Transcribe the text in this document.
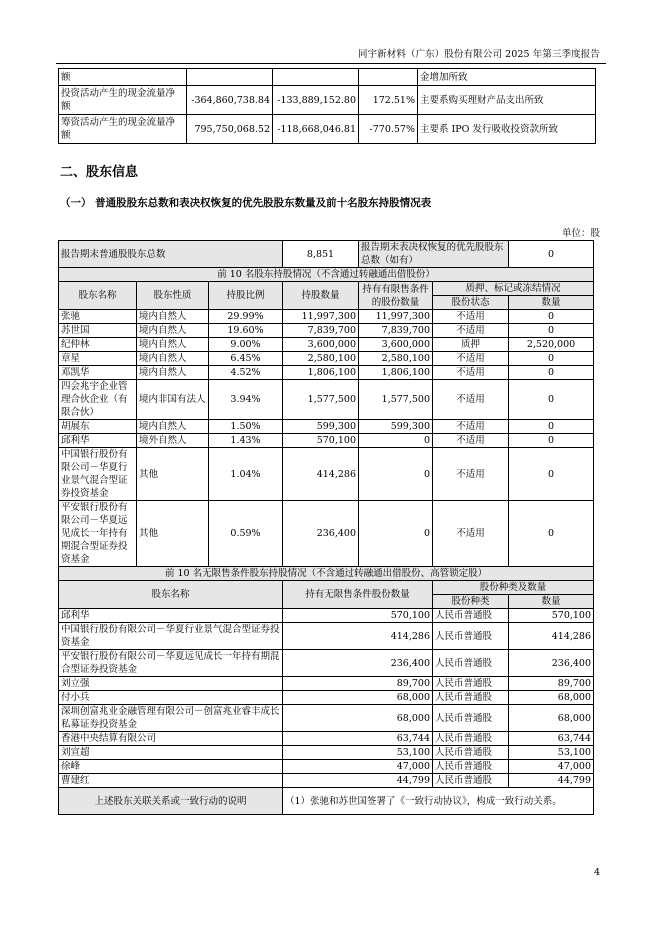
同宇新材料（广东）股份有限公司 2025 年第三季度报告
额				金增加所致
投资活动产生的现金流量净额	-364,860,738.84	-133,889,152.80	172.51%	主要系购买理财产品支出所致
筹资活动产生的现金流量净额	795,750,068.52	-118,668,046.81	-770.57%	主要系 IPO 发行吸收投资款所致
二、股东信息
（一） 普通股股东总数和表决权恢复的优先股股东数量及前十名股东持股情况表
单位：股
报告期末普通股股东总数			8,851	报告期末表决权恢复的优先股股东总数（如有）		0
前 10 名股东持股情况（不含通过转融通出借股份）						
股东名称	股东性质	持股比例	持股数量	持有有限售条件的股份数量	质押、标记或冻结情况	
					股份状态	数量
张驰	境内自然人	29.99%	11,997,300	11,997,300	不适用	0
苏世国	境内自然人	19.60%	7,839,700	7,839,700	不适用	0
纪仲林	境内自然人	9.00%	3,600,000	3,600,000	质押	2,520,000
章星	境内自然人	6.45%	2,580,100	2,580,100	不适用	0
邓凯华	境内自然人	4.52%	1,806,100	1,806,100	不适用	0
四会兆宇企业管理合伙企业（有限合伙）	境内非国有法人	3.94%	1,577,500	1,577,500	不适用	0
胡展东	境内自然人	1.50%	599,300	599,300	不适用	0
邱利华	境外自然人	1.43%	570,100	0	不适用	0
中国银行股份有限公司－华夏行业景气混合型证券投资基金	其他	1.04%	414,286	0	不适用	0
平安银行股份有限公司－华夏远见成长一年持有期混合型证券投资基金	其他	0.59%	236,400	0	不适用	0
前 10 名无限售条件股东持股情况（不含通过转融通出借股份、高管锁定股）						
股东名称			持有无限售条件股份数量		股份种类及数量	
					股份种类	数量
邱利华			570,100		人民币普通股	570,100
中国银行股份有限公司－华夏行业景气混合型证券投资基金			414,286		人民币普通股	414,286
平安银行股份有限公司－华夏远见成长一年持有期混合型证券投资基金			236,400		人民币普通股	236,400
刘立强			89,700		人民币普通股	89,700
付小兵			68,000		人民币普通股	68,000
深圳创富兆业金融管理有限公司－创富兆业睿丰成长私募证券投资基金			68,000		人民币普通股	68,000
香港中央结算有限公司			63,744		人民币普通股	63,744
刘宣超			53,100		人民币普通股	53,100
徐峰			47,000		人民币普通股	47,000
曹建红			44,799		人民币普通股	44,799
上述股东关联关系或一致行动的说明			（1）张驰和苏世国签署了《一致行动协议》，构成一致行动关系。			
4
